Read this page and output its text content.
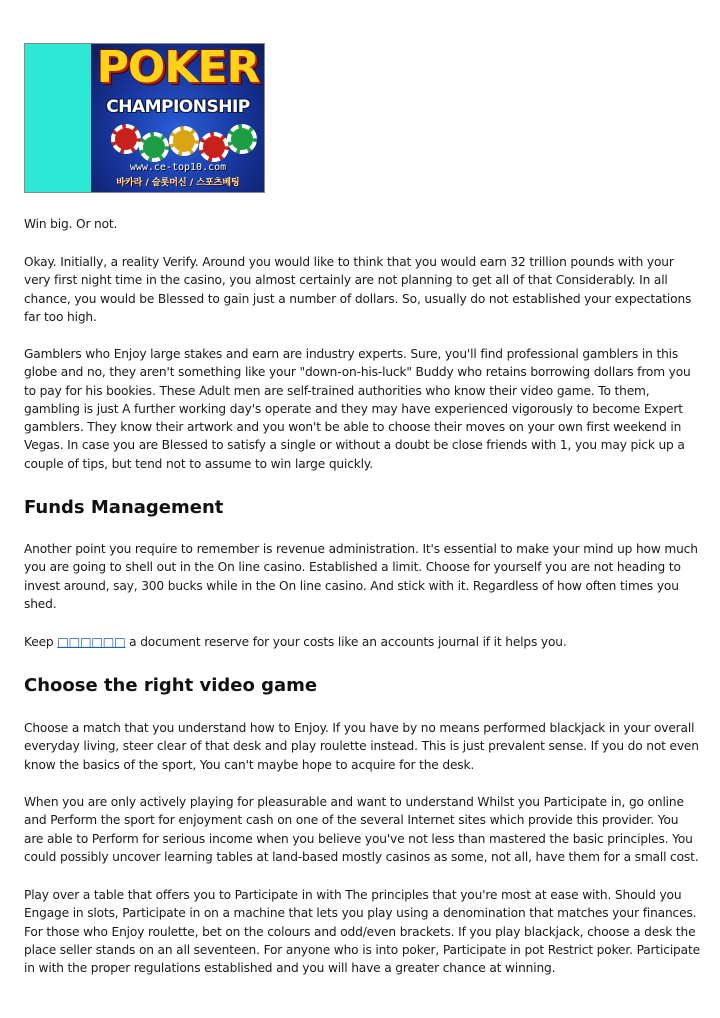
POKER
CHAMPIONSHIP
www.ce-top10.com
바카라 / 슬롯머신 / 스포츠베팅

Win big. Or not.

Okay. Initially, a reality Verify. Around you would like to think that you would earn 32 trillion pounds with your very first night time in the casino, you almost certainly are not planning to get all of that Considerably. In all chance, you would be Blessed to gain just a number of dollars. So, usually do not established your expectations far too high.

Gamblers who Enjoy large stakes and earn are industry experts. Sure, you'll find professional gamblers in this globe and no, they aren't something like your "down-on-his-luck" Buddy who retains borrowing dollars from you to pay for his bookies. These Adult men are self-trained authorities who know their video game. To them, gambling is just A further working day's operate and they may have experienced vigorously to become Expert gamblers. They know their artwork and you won't be able to choose their moves on your own first weekend in Vegas. In case you are Blessed to satisfy a single or without a doubt be close friends with 1, you may pick up a couple of tips, but tend not to assume to win large quickly.

Funds Management

Another point you require to remember is revenue administration. It's essential to make your mind up how much you are going to shell out in the On line casino. Established a limit. Choose for yourself you are not heading to invest around, say, 300 bucks while in the On line casino. And stick with it. Regardless of how often times you shed.

Keep □□□□□□ a document reserve for your costs like an accounts journal if it helps you.

Choose the right video game

Choose a match that you understand how to Enjoy. If you have by no means performed blackjack in your overall everyday living, steer clear of that desk and play roulette instead. This is just prevalent sense. If you do not even know the basics of the sport, You can't maybe hope to acquire for the desk.

When you are only actively playing for pleasurable and want to understand Whilst you Participate in, go online and Perform the sport for enjoyment cash on one of the several Internet sites which provide this provider. You are able to Perform for serious income when you believe you've not less than mastered the basic principles. You could possibly uncover learning tables at land-based mostly casinos as some, not all, have them for a small cost.

Play over a table that offers you to Participate in with The principles that you're most at ease with. Should you Engage in slots, Participate in on a machine that lets you play using a denomination that matches your finances. For those who Enjoy roulette, bet on the colours and odd/even brackets. If you play blackjack, choose a desk the place seller stands on an all seventeen. For anyone who is into poker, Participate in pot Restrict poker. Participate in with the proper regulations established and you will have a greater chance at winning.
